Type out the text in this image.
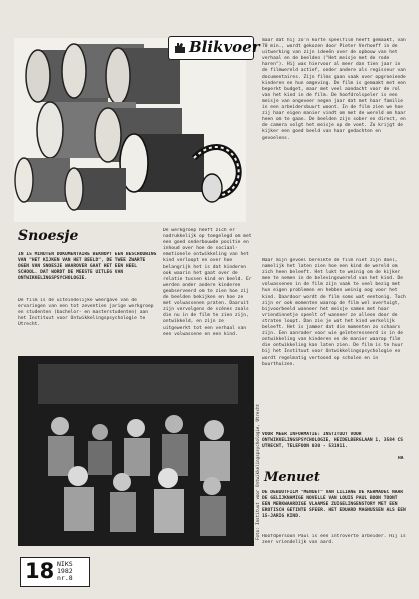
Blikvoer
Snoesje
IN 15 MINUTEN DOKUMENTAIRE BEKNOPT EEN BESCHOUWING VAN "HET KIJKEN VAN HET BEELD", DE TWEE ZWARTE OGEN VAN SNOESJE WAAROVER GAAT HET EEN HEEL SCHOOL. DAT WORDT DE MEESTE UITLEG VAN ONTWIKKELINGSPSYCHOLOGIE.
De film is de uiteindelijke weergave van de ervaringen van een tot zeventien jarige werkgroep en studenten (bachelor- en masterstudenten) aan het Instituut voor Ontwikkelingspsychologie te Utrecht.
De werkgroep heeft zich er nadrukkelijk op toegelegd om met een goed onderbouwde positie en inhoud over hoe de sociaal-emotionele ontwikkeling van het kind verloopt en over hoe belangrijk het is dat kinderen ook waarin het gaat over de relatie tussen kind en beeld. Er werden onder andere kinderen geobserveerd om te zien hoe zij de beelden bekijken en hoe ze met volwassenen praten. Daaruit zijn vervolgens de scènes zoals die nu in de film te zien zijn, ontwikkeld, en zijn ze uitgewerkt tot een verhaal van een volwassene en een kind.
Foto: Instituut voor Ontwikkelingspsychologie, Utrecht
maar dat hij zo'n korte speelfilm heeft gemaakt, van 70 min., wordt gekozen door Pieter Verhoeff in de uitwerking van zijn ideeën over de opbouw van het verhaal en de beelden ("Het meisje met de rode haren"). Hij was hiervoor al meer dan tien jaar in de filmwereld actief, onder andere als regisseur van documentaires. Zijn films gaan vaak over opgroeiende kinderen en hun omgeving. De film is gemaakt met een beperkt budget, maar met veel aandacht voor de rol van het kind in de film. De hoofdrolspeler is een meisje van ongeveer negen jaar dat met haar familie in een arbeidersbuurt woont. In de film zien we hoe zij haar eigen manier vindt om met de wereld om haar heen om te gaan. De beelden zijn sober en direct, en de camera volgt het meisje op de voet. Zo krijgt de kijker een goed beeld van haar gedachten en gevoelens.
Naar mijn gevoel bereikte de film niet zijn doel, namelijk het laten zien hoe een kind de wereld om zich heen beleeft. Het lukt te weinig om de kijker mee te nemen in de belevingswereld van het kind. De volwassenen in de film zijn vaak te veel bezig met hun eigen problemen en hebben weinig oog voor het kind. Daardoor wordt de film soms wat eentonig. Toch zijn er ook momenten waarop de film wel overtuigt, bijvoorbeeld wanneer het meisje samen met haar vriendinnetje speelt of wanneer ze alleen door de straten loopt. Dan zie je wat het kind werkelijk beleeft. Het is jammer dat die momenten zo schaars zijn. Een aanrader voor wie geïnteresseerd is in de ontwikkeling van kinderen en de manier waarop film die ontwikkeling kan laten zien. De film is te huur bij het Instituut voor Ontwikkelingspsychologie en wordt regelmatig vertoond op scholen en in buurthuizen.
VOOR MEER INFORMATIE: INSTITUUT VOOR ONTWIKKELINGSPSYCHOLOGIE, HEIDELBERGLAAN 1, 3584 CS UTRECHT, TELEFOON 030 - 531911.
HA
Menuet
DE DEBUUTFILM "MENUET" VAN LILIANE DE KERMADEC NAAR DE GELIJKNAMIGE NOVELLE VAN LOUIS PAUL BOON TOONT EEN MERKWAARDIGE VLAAMSE ZUIGELINGENSTORY MET EEN EROTISCH GETINTE SFEER. HET EDUARD MAGNUSSEN ALS EEN 15-JARIG KIND.
Hoofdpersoon Paul is een introverte arbeider. Hij is zeer vriendelijk van aard.
18 NIKS
1982
nr.8
